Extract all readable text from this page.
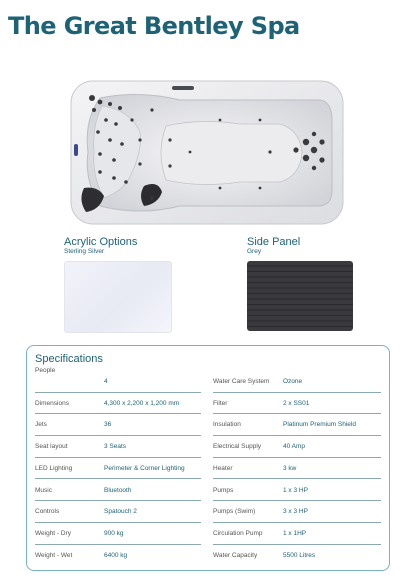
The Great Bentley Spa
Acrylic Options
Sterling Silver
Side Panel
Grey
Specifications
People
4
Dimensions	4,300 x 2,200 x 1,200 mm
Jets	36
Seat layout	3 Seats
LED Lighting	Perimeter & Corner Lighting
Music	Bluetooth
Controls	Spatouch 2
Weight - Dry	900 kg
Weight - Wet	6400 kg
Water Care System Ozone
Filter	2 x SS01
Insulation	Platinum Premium Shield
Electrical Supply	40 Amp
Heater	3 kw
Pumps	1 x 3 HP
Pumps (Swim)	3 x 3 HP
Circulation Pump	1 x 1HP
Water Capacity	5500 Litres
